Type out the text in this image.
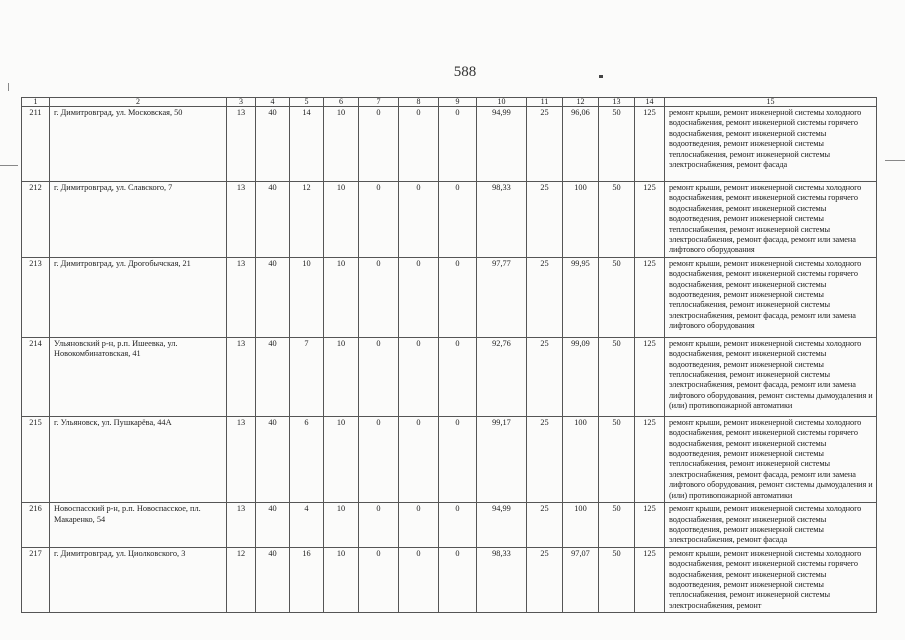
588
1	2	3	4	5	6	7	8	9	10	11	12	13	14	15
211	г. Димитровград, ул. Московская, 50	13	40	14	10	0	0	0	94,99	25	96,06	50	125	ремонт крыши, ремонт инженерной системы холодного водоснабжения, ремонт инженерной системы горячего водоснабжения, ремонт инженерной системы водоотведения, ремонт инженерной системы теплоснабжения, ремонт инженерной системы электроснабжения, ремонт фасада
212	г. Димитровград, ул. Славского, 7	13	40	12	10	0	0	0	98,33	25	100	50	125	ремонт крыши, ремонт инженерной системы холодного водоснабжения, ремонт инженерной системы горячего водоснабжения, ремонт инженерной системы водоотведения, ремонт инженерной системы теплоснабжения, ремонт инженерной системы электроснабжения, ремонт фасада, ремонт или замена лифтового оборудования
213	г. Димитровград, ул. Дрогобычская, 21	13	40	10	10	0	0	0	97,77	25	99,95	50	125	ремонт крыши, ремонт инженерной системы холодного водоснабжения, ремонт инженерной системы горячего водоснабжения, ремонт инженерной системы водоотведения, ремонт инженерной системы теплоснабжения, ремонт инженерной системы электроснабжения, ремонт фасада, ремонт или замена лифтового оборудования
214	Ульяновский р-н, р.п. Ишеевка, ул. Новокомбинатовская, 41	13	40	7	10	0	0	0	92,76	25	99,09	50	125	ремонт крыши, ремонт инженерной системы холодного водоснабжения, ремонт инженерной системы водоотведения, ремонт инженерной системы теплоснабжения, ремонт инженерной системы электроснабжения, ремонт фасада, ремонт или замена лифтового оборудования, ремонт системы дымоудаления и (или) противопожарной автоматики
215	г. Ульяновск, ул. Пушкарёва, 44А	13	40	6	10	0	0	0	99,17	25	100	50	125	ремонт крыши, ремонт инженерной системы холодного водоснабжения, ремонт инженерной системы горячего водоснабжения, ремонт инженерной системы водоотведения, ремонт инженерной системы теплоснабжения, ремонт инженерной системы электроснабжения, ремонт фасада, ремонт или замена лифтового оборудования, ремонт системы дымоудаления и (или) противопожарной автоматики
216	Новоспасский р-н, р.п. Новоспасское, пл. Макаренко, 54	13	40	4	10	0	0	0	94,99	25	100	50	125	ремонт крыши, ремонт инженерной системы холодного водоснабжения, ремонт инженерной системы водоотведения, ремонт инженерной системы электроснабжения, ремонт фасада
217	г. Димитровград, ул. Циолковского, 3	12	40	16	10	0	0	0	98,33	25	97,07	50	125	ремонт крыши, ремонт инженерной системы холодного водоснабжения, ремонт инженерной системы горячего водоснабжения, ремонт инженерной системы водоотведения, ремонт инженерной системы теплоснабжения, ремонт инженерной системы электроснабжения, ремонт
